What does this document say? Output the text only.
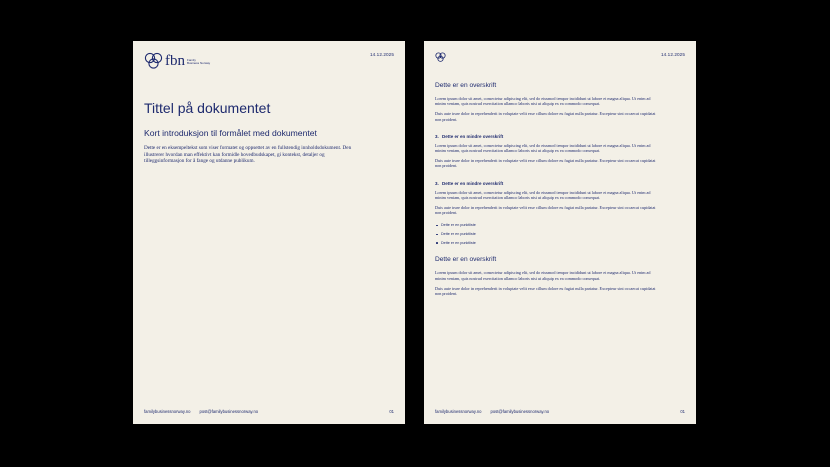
fbn Family
Business Norway
14.12.2025
Tittel på dokumentet
Kort introduksjon til formålet med dokumentet

Dette er en eksempeltekst som viser formatet og oppsettet av en fullstendig innholdsdokument. Den illustrerer hvordan man effektivt kan formidle hovedbudskapet, gi kontekst, detaljer og tilleggsinformasjon for å fange og utdanne publikum.

familybusinessnorway.no post@familybusinessnorway.no	01
14.12.2025
Dette er en overskrift

Lorem ipsum dolor sit amet, consectetur adipiscing elit, sed do eiusmod tempor incididunt ut labore et magna aliqua. Ut enim ad minim veniam, quis nostrud exercitation ullamco laboris nisi ut aliquip ex ea commodo consequat.

Duis aute irure dolor in reprehenderit in voluptate velit esse cillum dolore eu fugiat nulla pariatur. Excepteur sint occaecat cupidatat non proident.

3. Dette er en mindre overskrift

Lorem ipsum dolor sit amet, consectetur adipiscing elit, sed do eiusmod tempor incididunt ut labore et magna aliqua. Ut enim ad minim veniam, quis nostrud exercitation ullamco laboris nisi ut aliquip ex ea commodo consequat.

Duis aute irure dolor in reprehenderit in voluptate velit esse cillum dolore eu fugiat nulla pariatur. Excepteur sint occaecat cupidatat non proident.

3. Dette er en mindre overskrift

Lorem ipsum dolor sit amet, consectetur adipiscing elit, sed do eiusmod tempor incididunt ut labore et magna aliqua. Ut enim ad minim veniam, quis nostrud exercitation ullamco laboris nisi ut aliquip ex ea commodo consequat.

Duis aute irure dolor in reprehenderit in voluptate velit esse cillum dolore eu fugiat nulla pariatur. Excepteur sint occaecat cupidatat non proident.

Dette er en punktliste
Dette er en punktliste
Dette er en punktliste
Dette er en overskrift

Lorem ipsum dolor sit amet, consectetur adipiscing elit, sed do eiusmod tempor incididunt ut labore et magna aliqua. Ut enim ad minim veniam, quis nostrud exercitation ullamco laboris nisi ut aliquip ex ea commodo consequat.

Duis aute irure dolor in reprehenderit in voluptate velit esse cillum dolore eu fugiat nulla pariatur. Excepteur sint occaecat cupidatat non proident.

familybusinessnorway.no post@familybusinessnorway.no	01
